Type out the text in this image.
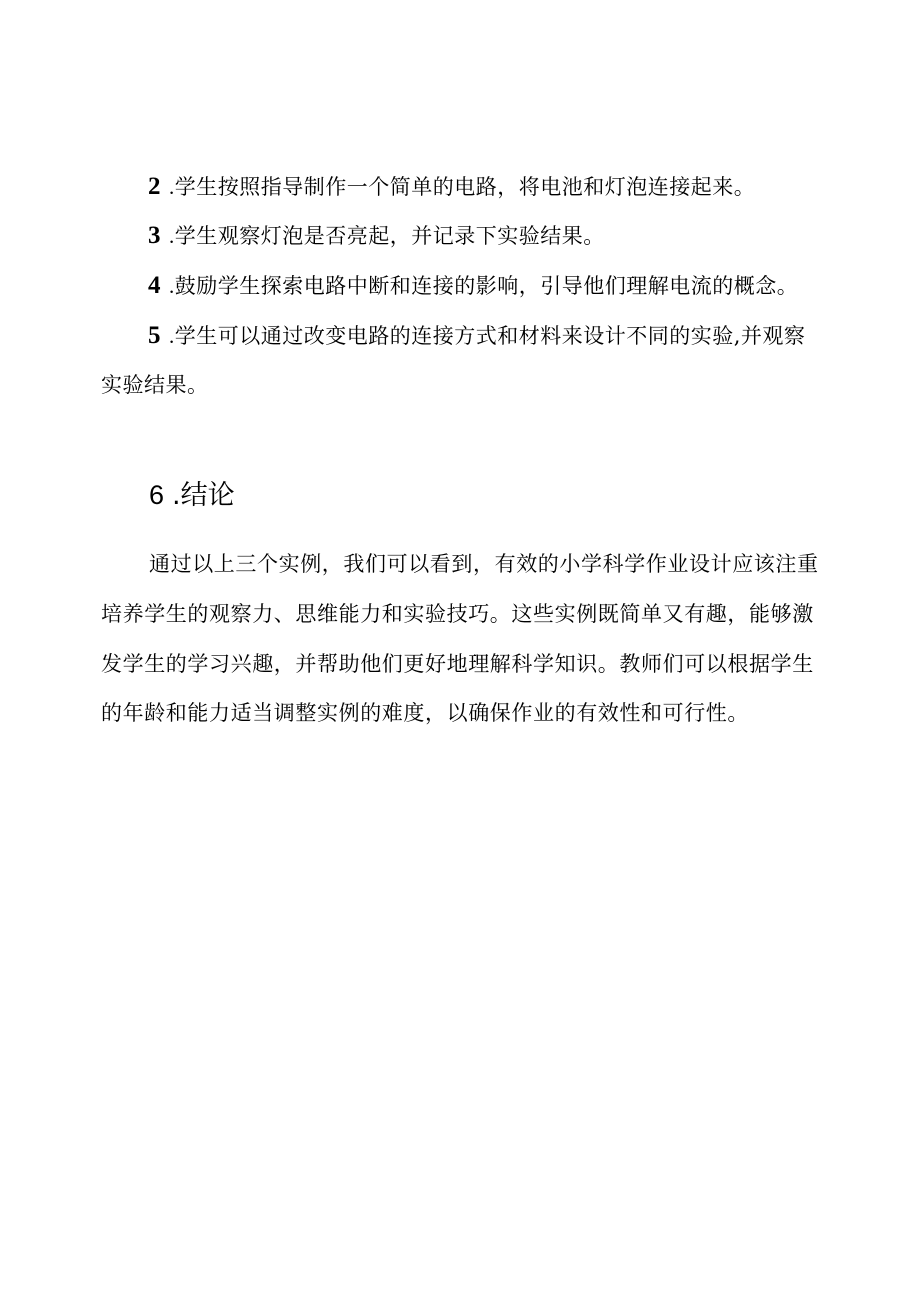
2 .学生按照指导制作一个简单的电路，将电池和灯泡连接起来。
3 .学生观察灯泡是否亮起，并记录下实验结果。
4 .鼓励学生探索电路中断和连接的影响，引导他们理解电流的概念。
5 .学生可以通过改变电路的连接方式和材料来设计不同的实验,并观察
实验结果。
6 .结论
通过以上三个实例，我们可以看到，有效的小学科学作业设计应该注重
培养学生的观察力、思维能力和实验技巧。这些实例既简单又有趣，能够激
发学生的学习兴趣，并帮助他们更好地理解科学知识。教师们可以根据学生
的年龄和能力适当调整实例的难度，以确保作业的有效性和可行性。
